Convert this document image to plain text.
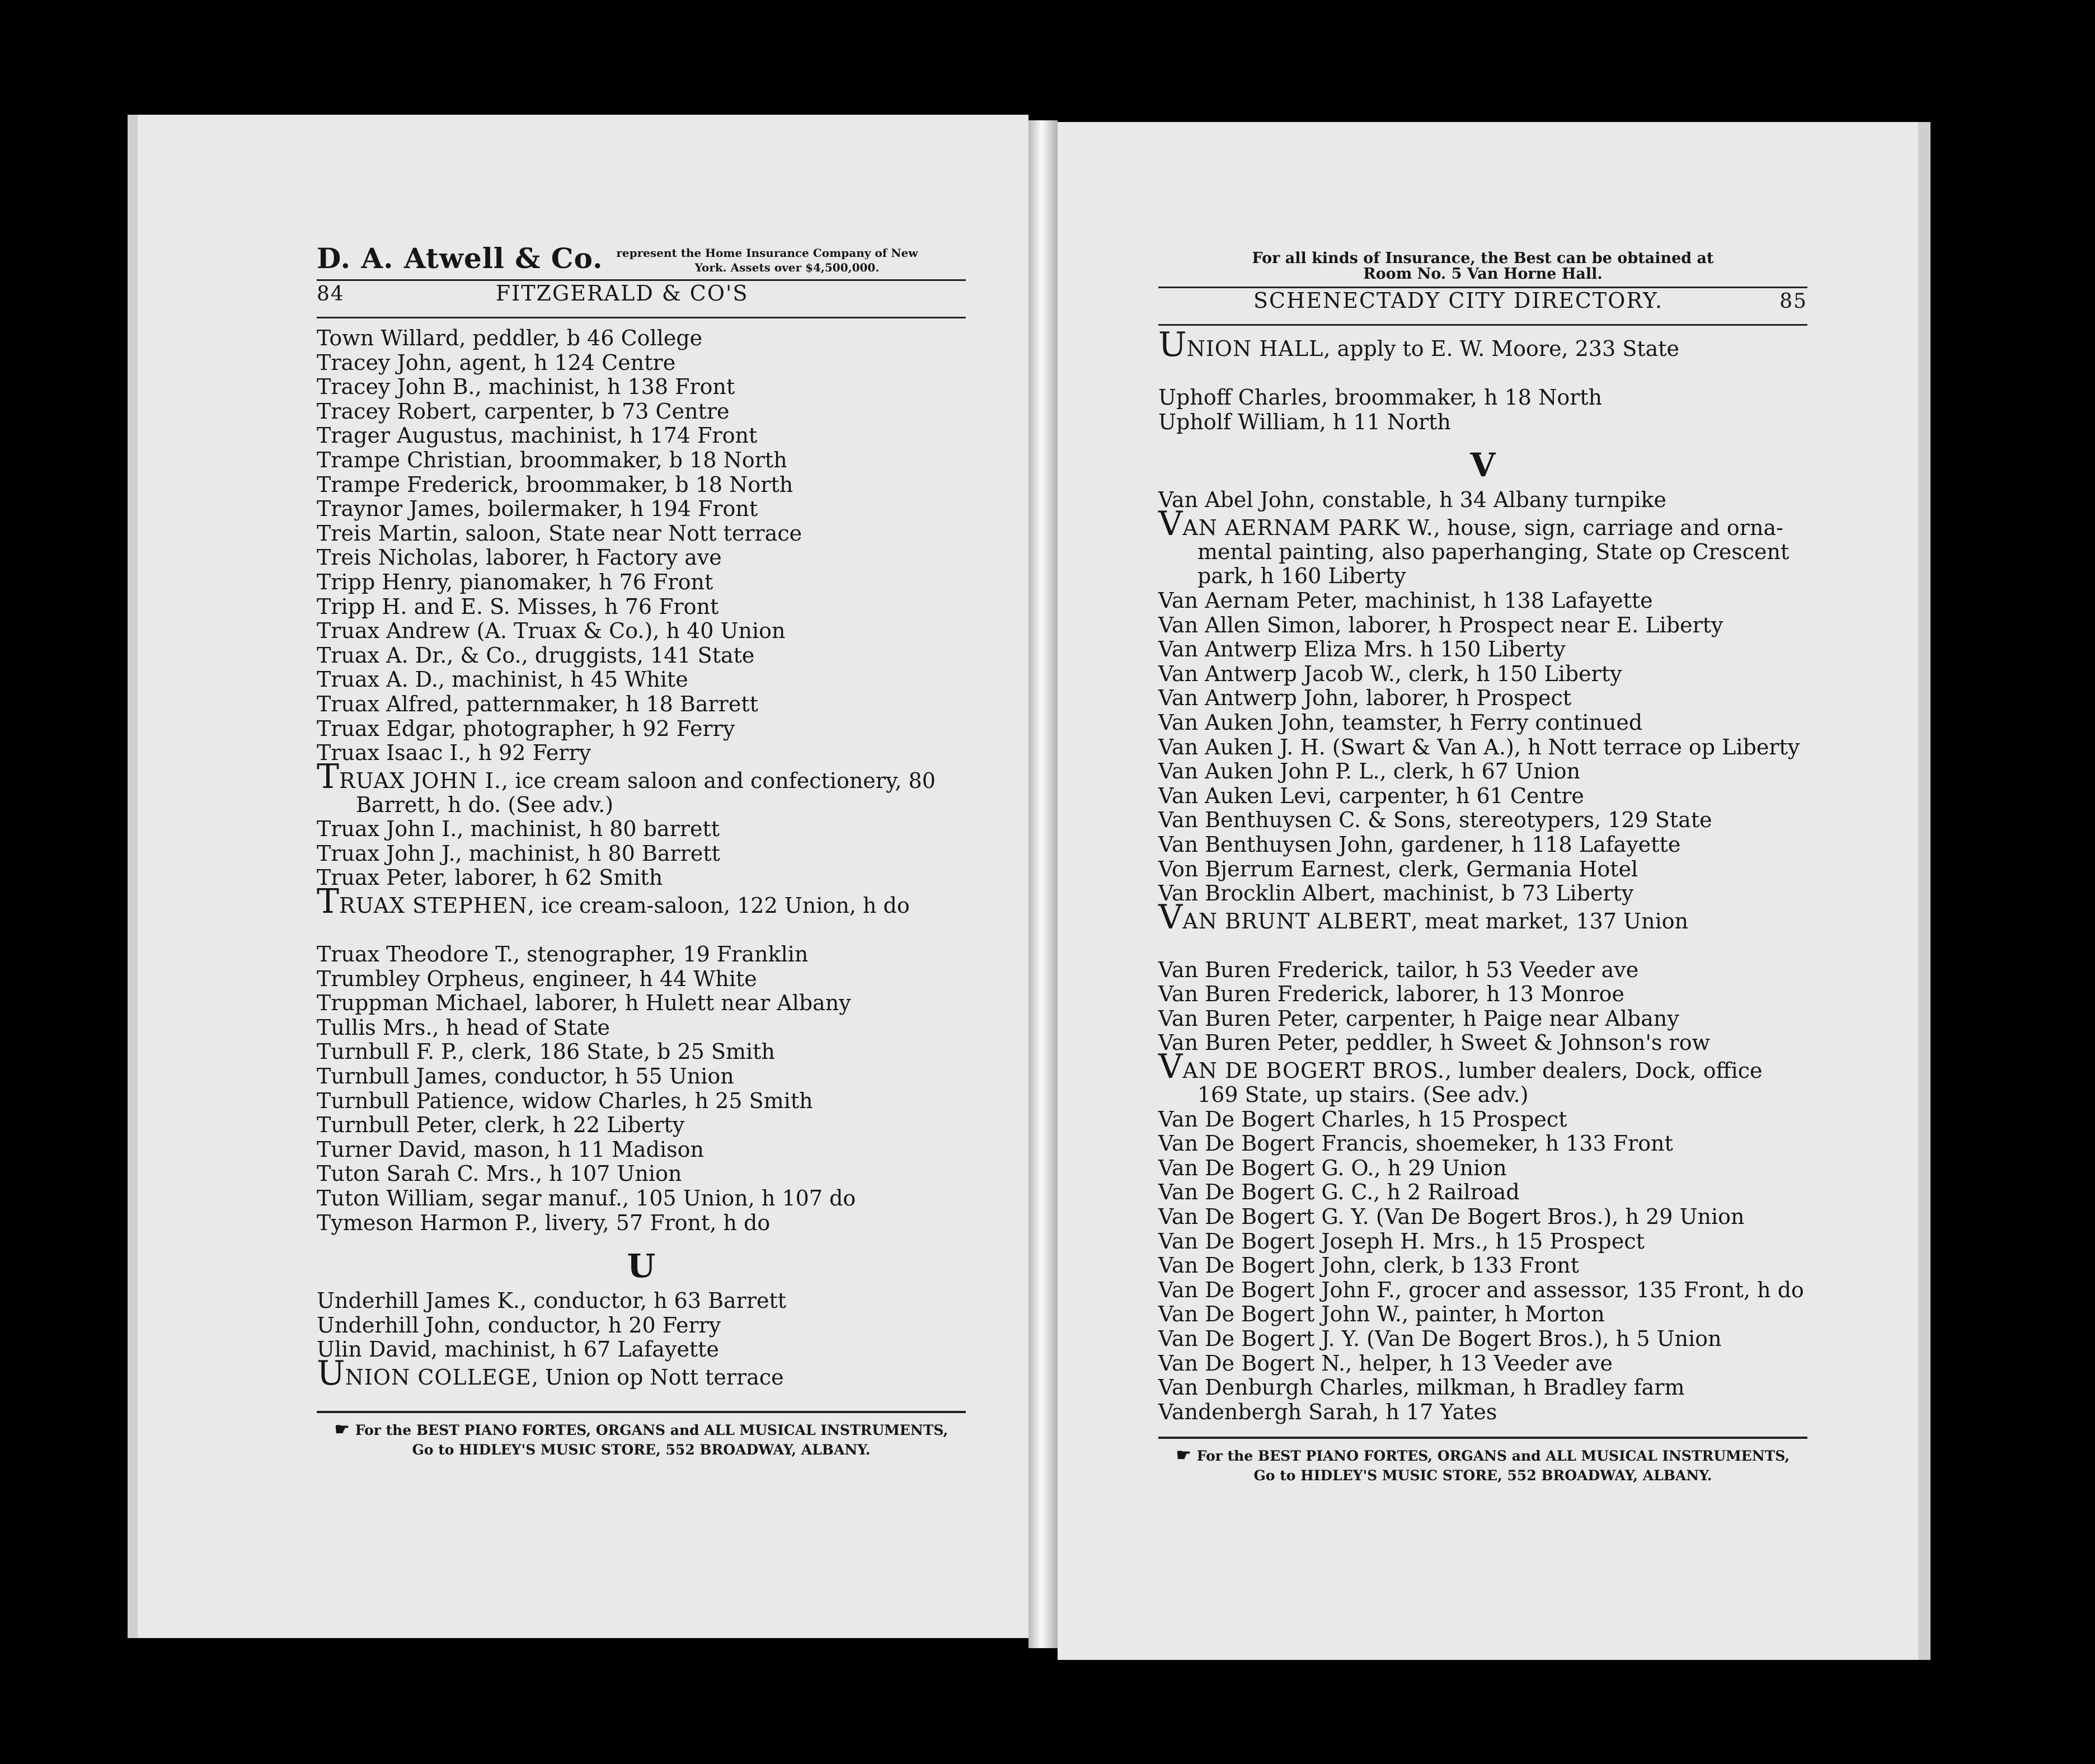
D. A. Atwell & Co. represent the Home Insurance Company of New
York. Assets over $4,500,000.
84	FITZGERALD & CO'S
Town Willard, peddler, b 46 College
Tracey John, agent, h 124 Centre
Tracey John B., machinist, h 138 Front
Tracey Robert, carpenter, b 73 Centre
Trager Augustus, machinist, h 174 Front
Trampe Christian, broommaker, b 18 North
Trampe Frederick, broommaker, b 18 North
Traynor James, boilermaker, h 194 Front
Treis Martin, saloon, State near Nott terrace
Treis Nicholas, laborer, h Factory ave
Tripp Henry, pianomaker, h 76 Front
Tripp H. and E. S. Misses, h 76 Front
Truax Andrew (A. Truax & Co.), h 40 Union
Truax A. Dr., & Co., druggists, 141 State
Truax A. D., machinist, h 45 White
Truax Alfred, patternmaker, h 18 Barrett
Truax Edgar, photographer, h 92 Ferry
Truax Isaac I., h 92 Ferry
TRUAX JOHN I., ice cream saloon and confectionery, 80
Barrett, h do. (See adv.)
Truax John I., machinist, h 80 barrett
Truax John J., machinist, h 80 Barrett
Truax Peter, laborer, h 62 Smith
TRUAX STEPHEN, ice cream-saloon, 122 Union, h do
Truax Theodore T., stenographer, 19 Franklin
Trumbley Orpheus, engineer, h 44 White
Truppman Michael, laborer, h Hulett near Albany
Tullis Mrs., h head of State
Turnbull F. P., clerk, 186 State, b 25 Smith
Turnbull James, conductor, h 55 Union
Turnbull Patience, widow Charles, h 25 Smith
Turnbull Peter, clerk, h 22 Liberty
Turner David, mason, h 11 Madison
Tuton Sarah C. Mrs., h 107 Union
Tuton William, segar manuf., 105 Union, h 107 do
Tymeson Harmon P., livery, 57 Front, h do
U
Underhill James K., conductor, h 63 Barrett
Underhill John, conductor, h 20 Ferry
Ulin David, machinist, h 67 Lafayette
UNION COLLEGE, Union op Nott terrace
☛ For the BEST PIANO FORTES, ORGANS and ALL MUSICAL INSTRUMENTS,
Go to HIDLEY'S MUSIC STORE, 552 BROADWAY, ALBANY.
For all kinds of Insurance, the Best can be obtained at
Room No. 5 Van Horne Hall.
SCHENECTADY CITY DIRECTORY.	85
UNION HALL, apply to E. W. Moore, 233 State
Uphoff Charles, broommaker, h 18 North
Upholf William, h 11 North
V
Van Abel John, constable, h 34 Albany turnpike
VAN AERNAM PARK W., house, sign, carriage and orna-
mental painting, also paperhanging, State op Crescent
park, h 160 Liberty
Van Aernam Peter, machinist, h 138 Lafayette
Van Allen Simon, laborer, h Prospect near E. Liberty
Van Antwerp Eliza Mrs. h 150 Liberty
Van Antwerp Jacob W., clerk, h 150 Liberty
Van Antwerp John, laborer, h Prospect
Van Auken John, teamster, h Ferry continued
Van Auken J. H. (Swart & Van A.), h Nott terrace op Liberty
Van Auken John P. L., clerk, h 67 Union
Van Auken Levi, carpenter, h 61 Centre
Van Benthuysen C. & Sons, stereotypers, 129 State
Van Benthuysen John, gardener, h 118 Lafayette
Von Bjerrum Earnest, clerk, Germania Hotel
Van Brocklin Albert, machinist, b 73 Liberty
VAN BRUNT ALBERT, meat market, 137 Union
Van Buren Frederick, tailor, h 53 Veeder ave
Van Buren Frederick, laborer, h 13 Monroe
Van Buren Peter, carpenter, h Paige near Albany
Van Buren Peter, peddler, h Sweet & Johnson's row
VAN DE BOGERT BROS., lumber dealers, Dock, office
169 State, up stairs. (See adv.)
Van De Bogert Charles, h 15 Prospect
Van De Bogert Francis, shoemeker, h 133 Front
Van De Bogert G. O., h 29 Union
Van De Bogert G. C., h 2 Railroad
Van De Bogert G. Y. (Van De Bogert Bros.), h 29 Union
Van De Bogert Joseph H. Mrs., h 15 Prospect
Van De Bogert John, clerk, b 133 Front
Van De Bogert John F., grocer and assessor, 135 Front, h do
Van De Bogert John W., painter, h Morton
Van De Bogert J. Y. (Van De Bogert Bros.), h 5 Union
Van De Bogert N., helper, h 13 Veeder ave
Van Denburgh Charles, milkman, h Bradley farm
Vandenbergh Sarah, h 17 Yates
☛ For the BEST PIANO FORTES, ORGANS and ALL MUSICAL INSTRUMENTS,
Go to HIDLEY'S MUSIC STORE, 552 BROADWAY, ALBANY.
